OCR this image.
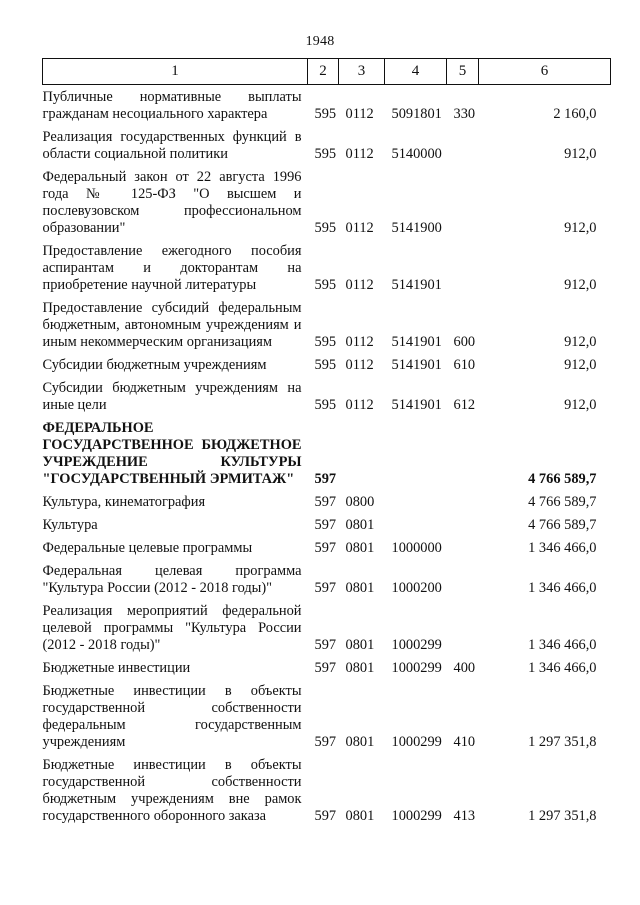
1948
1	2	3	4	5	6
Публичные нормативные выплаты гражданам несоциального характера	595	0112	5091801	330	2 160,0
Реализация государственных функций в области социальной политики	595	0112	5140000		912,0
Федеральный закон от 22 августа 1996 года № 125-ФЗ "О высшем и послевузовском профессиональном образовании"	595	0112	5141900		912,0
Предоставление ежегодного пособия аспирантам и докторантам на приобретение научной литературы	595	0112	5141901		912,0
Предоставление субсидий федеральным бюджетным, автономным учреждениям и иным некоммерческим организациям	595	0112	5141901	600	912,0
Субсидии бюджетным учреждениям	595	0112	5141901	610	912,0
Субсидии бюджетным учреждениям на иные цели	595	0112	5141901	612	912,0
ФЕДЕРАЛЬНОЕ ГОСУДАРСТВЕННОЕ БЮДЖЕТНОЕ УЧРЕЖДЕНИЕ КУЛЬТУРЫ "ГОСУДАРСТВЕННЫЙ ЭРМИТАЖ"	597				4 766 589,7
Культура, кинематография	597	0800			4 766 589,7
Культура	597	0801			4 766 589,7
Федеральные целевые программы	597	0801	1000000		1 346 466,0
Федеральная целевая программа "Культура России (2012 - 2018 годы)"	597	0801	1000200		1 346 466,0
Реализация мероприятий федеральной целевой программы "Культура России (2012 - 2018 годы)"	597	0801	1000299		1 346 466,0
Бюджетные инвестиции	597	0801	1000299	400	1 346 466,0
Бюджетные инвестиции в объекты государственной собственности федеральным государственным учреждениям	597	0801	1000299	410	1 297 351,8
Бюджетные инвестиции в объекты государственной собственности бюджетным учреждениям вне рамок государственного оборонного заказа	597	0801	1000299	413	1 297 351,8
